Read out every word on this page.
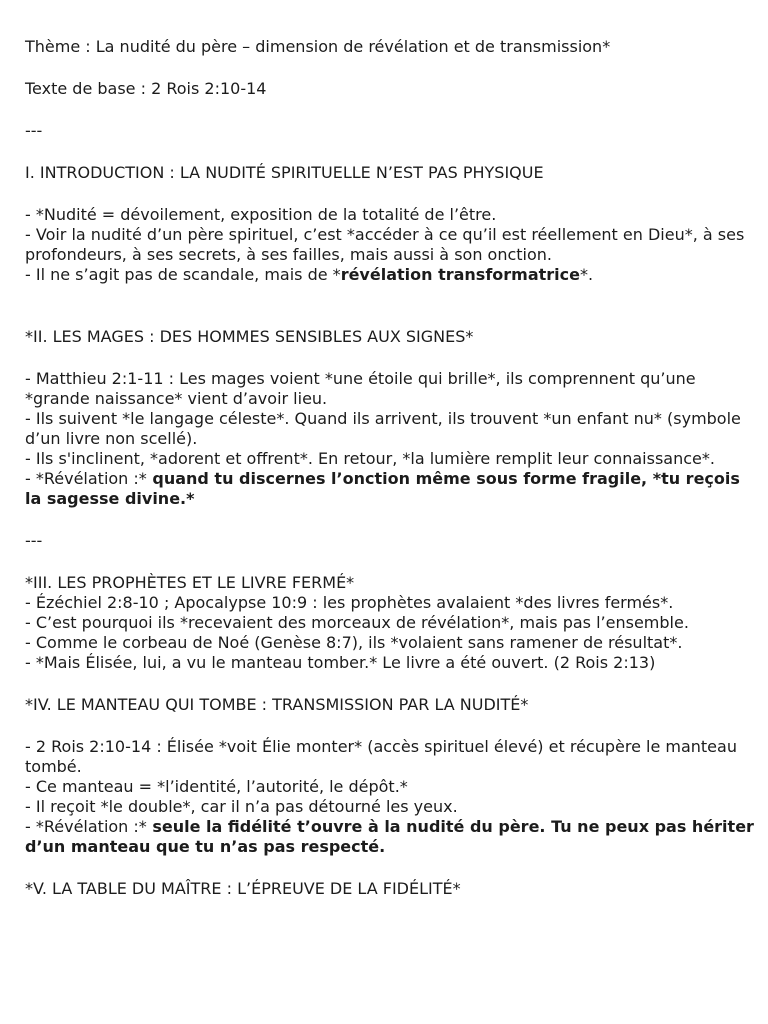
Thème : La nudité du père – dimension de révélation et de transmission*

Texte de base : 2 Rois 2:10-14

---

I. INTRODUCTION : LA NUDITÉ SPIRITUELLE N’EST PAS PHYSIQUE

- *Nudité = dévoilement, exposition de la totalité de l’être.

- Voir la nudité d’un père spirituel, c’est *accéder à ce qu’il est réellement en Dieu*, à ses profondeurs, à ses secrets, à ses failles, mais aussi à son onction.

- Il ne s’agit pas de scandale, mais de *révélation transformatrice*.

*II. LES MAGES : DES HOMMES SENSIBLES AUX SIGNES*

- Matthieu 2:1-11 : Les mages voient *une étoile qui brille*, ils comprennent qu’une *grande naissance* vient d’avoir lieu.

- Ils suivent *le langage céleste*. Quand ils arrivent, ils trouvent *un enfant nu* (symbole d’un livre non scellé).

- Ils s'inclinent, *adorent et offrent*. En retour, *la lumière remplit leur connaissance*.

- *Révélation :* quand tu discernes l’onction même sous forme fragile, *tu reçois la sagesse divine.*

---

*III. LES PROPHÈTES ET LE LIVRE FERMÉ*

- Ézéchiel 2:8-10 ; Apocalypse 10:9 : les prophètes avalaient *des livres fermés*.

- C’est pourquoi ils *recevaient des morceaux de révélation*, mais pas l’ensemble.

- Comme le corbeau de Noé (Genèse 8:7), ils *volaient sans ramener de résultat*.

- *Mais Élisée, lui, a vu le manteau tomber.* Le livre a été ouvert. (2 Rois 2:13)

*IV. LE MANTEAU QUI TOMBE : TRANSMISSION PAR LA NUDITÉ*

- 2 Rois 2:10-14 : Élisée *voit Élie monter* (accès spirituel élevé) et récupère le manteau tombé.

- Ce manteau = *l’identité, l’autorité, le dépôt.*

- Il reçoit *le double*, car il n’a pas détourné les yeux.

- *Révélation :* seule la fidélité t’ouvre à la nudité du père. Tu ne peux pas hériter d’un manteau que tu n’as pas respecté.

*V. LA TABLE DU MAÎTRE : L’ÉPREUVE DE LA FIDÉLITÉ*
